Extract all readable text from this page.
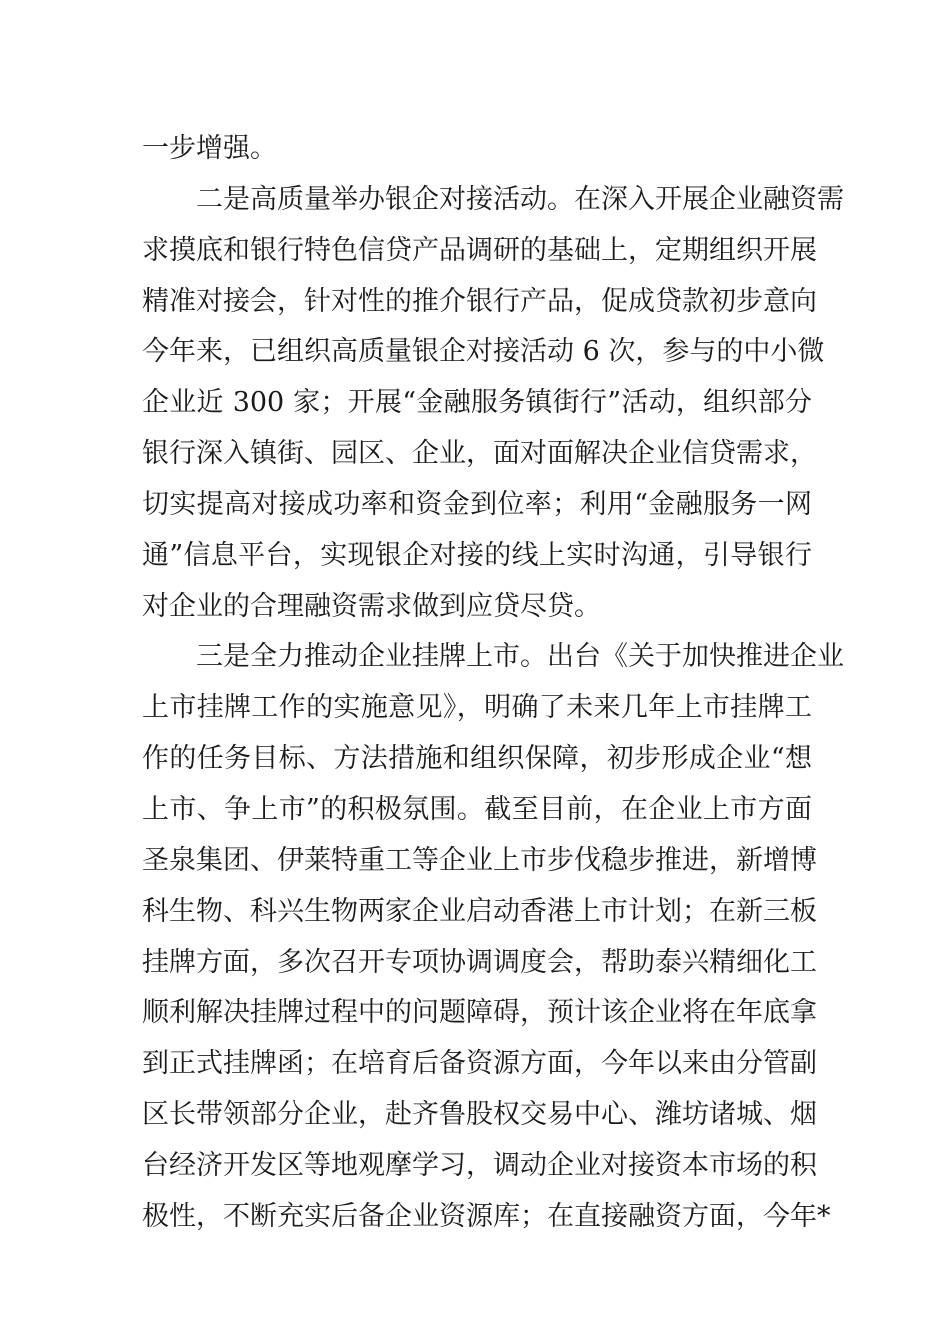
一步增强。
二是高质量举办银企对接活动。在深入开展企业融资需
求摸底和银行特色信贷产品调研的基础上，定期组织开展
精准对接会，针对性的推介银行产品，促成贷款初步意向
今年来，已组织高质量银企对接活动 6 次，参与的中小微
企业近 300 家；开展“金融服务镇街行”活动，组织部分
银行深入镇街、园区、企业，面对面解决企业信贷需求，
切实提高对接成功率和资金到位率；利用“金融服务一网
通”信息平台，实现银企对接的线上实时沟通，引导银行
对企业的合理融资需求做到应贷尽贷。
三是全力推动企业挂牌上市。出台《关于加快推进企业
上市挂牌工作的实施意见》，明确了未来几年上市挂牌工
作的任务目标、方法措施和组织保障，初步形成企业“想
上市、争上市”的积极氛围。截至目前，在企业上市方面
圣泉集团、伊莱特重工等企业上市步伐稳步推进，新增博
科生物、科兴生物两家企业启动香港上市计划；在新三板
挂牌方面，多次召开专项协调调度会，帮助泰兴精细化工
顺利解决挂牌过程中的问题障碍，预计该企业将在年底拿
到正式挂牌函；在培育后备资源方面，今年以来由分管副
区长带领部分企业，赴齐鲁股权交易中心、潍坊诸城、烟
台经济开发区等地观摩学习，调动企业对接资本市场的积
极性，不断充实后备企业资源库；在直接融资方面，今年*
